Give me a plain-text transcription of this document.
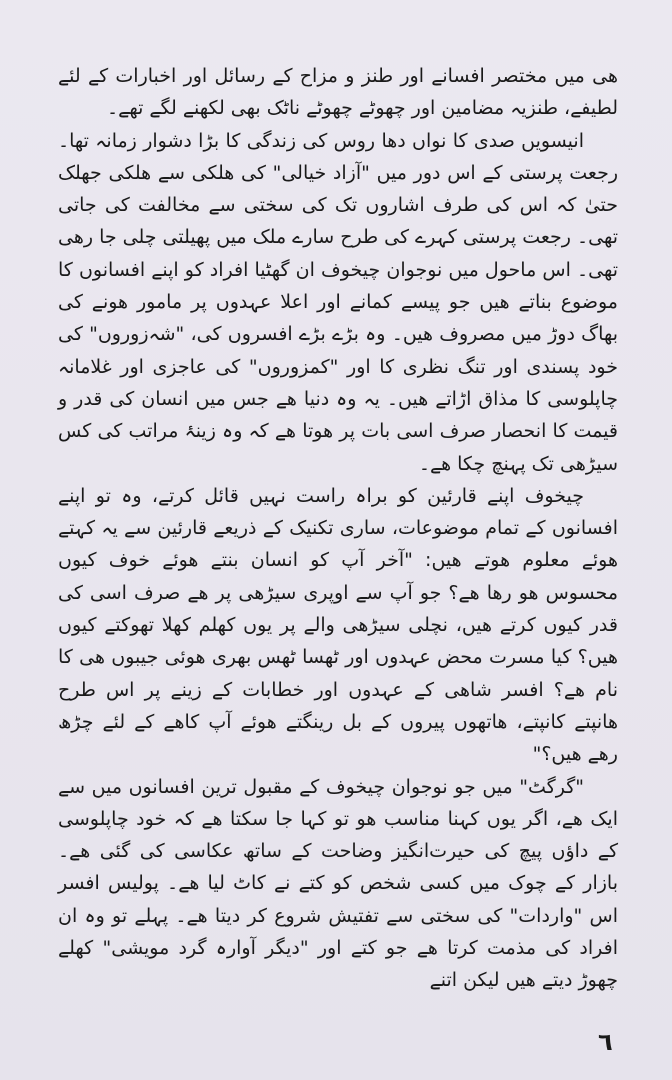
ھی میں مختصر افسانے اور طنز و مزاح کے رسائل اور اخبارات کے لئے لطیفے، طنزیہ مضامین اور چھوٹے چھوٹے ناٹک بھی لکھنے لگے تھے۔

انیسویں صدی کا نواں دھا روس کی زندگی کا بڑا دشوار زمانہ تھا۔ رجعت پرستی کے اس دور میں "آزاد خیالی" کی ھلکی سے ھلکی جھلک حتیٰ کہ اس کی طرف اشاروں تک کی سختی سے مخالفت کی جاتی تھی۔ رجعت پرستی کہرے کی طرح سارے ملک میں پھیلتی چلی جا رھی تھی۔ اس ماحول میں نوجوان چیخوف ان گھٹیا افراد کو اپنے افسانوں کا موضوع بناتے ھیں جو پیسے کمانے اور اعلا عہدوں پر مامور ھونے کی بھاگ دوڑ میں مصروف ھیں۔ وہ بڑے بڑے افسروں کی، "شہ‌زوروں" کی خود پسندی اور تنگ نظری کا اور "کمزوروں" کی عاجزی اور غلامانہ چاپلوسی کا مذاق اڑاتے ھیں۔ یہ وہ دنیا ھے جس میں انسان کی قدر و قیمت کا انحصار صرف اسی بات پر ھوتا ھے کہ وہ زینۂ مراتب کی کس سیڑھی تک پہنچ چکا ھے۔

چیخوف اپنے قارئین کو براہ راست نہیں قائل کرتے، وہ تو اپنے افسانوں کے تمام موضوعات، ساری تکنیک کے ذریعے قارئین سے یہ کہتے ھوئے معلوم ھوتے ھیں: "آخر آپ کو انسان بنتے ھوئے خوف کیوں محسوس ھو رھا ھے؟ جو آپ سے اوپری سیڑھی پر ھے صرف اسی کی قدر کیوں کرتے ھیں، نچلی سیڑھی والے پر یوں کھلم کھلا تھوکتے کیوں ھیں؟ کیا مسرت محض عہدوں اور ٹھسا ٹھس بھری ھوئی جیبوں ھی کا نام ھے؟ افسر شاھی کے عہدوں اور خطابات کے زینے پر اس طرح ھانپتے کانپتے، ھاتھوں پیروں کے بل رینگتے ھوئے آپ کاھے کے لئے چڑھ رھے ھیں؟"

"گرگٹ" میں جو نوجوان چیخوف کے مقبول ترین افسانوں میں سے ایک ھے، اگر یوں کہنا مناسب ھو تو کہا جا سکتا ھے کہ خود چاپلوسی کے داؤں پیچ کی حیرت‌انگیز وضاحت کے ساتھ عکاسی کی گئی ھے۔ بازار کے چوک میں کسی شخص کو کتے نے کاٹ لیا ھے۔ پولیس افسر اس "واردات" کی سختی سے تفتیش شروع کر دیتا ھے۔ پہلے تو وہ ان افراد کی مذمت کرتا ھے جو کتے اور "دیگر آوارہ گرد مویشی" کھلے چھوڑ دیتے ھیں لیکن اتنے

٦
